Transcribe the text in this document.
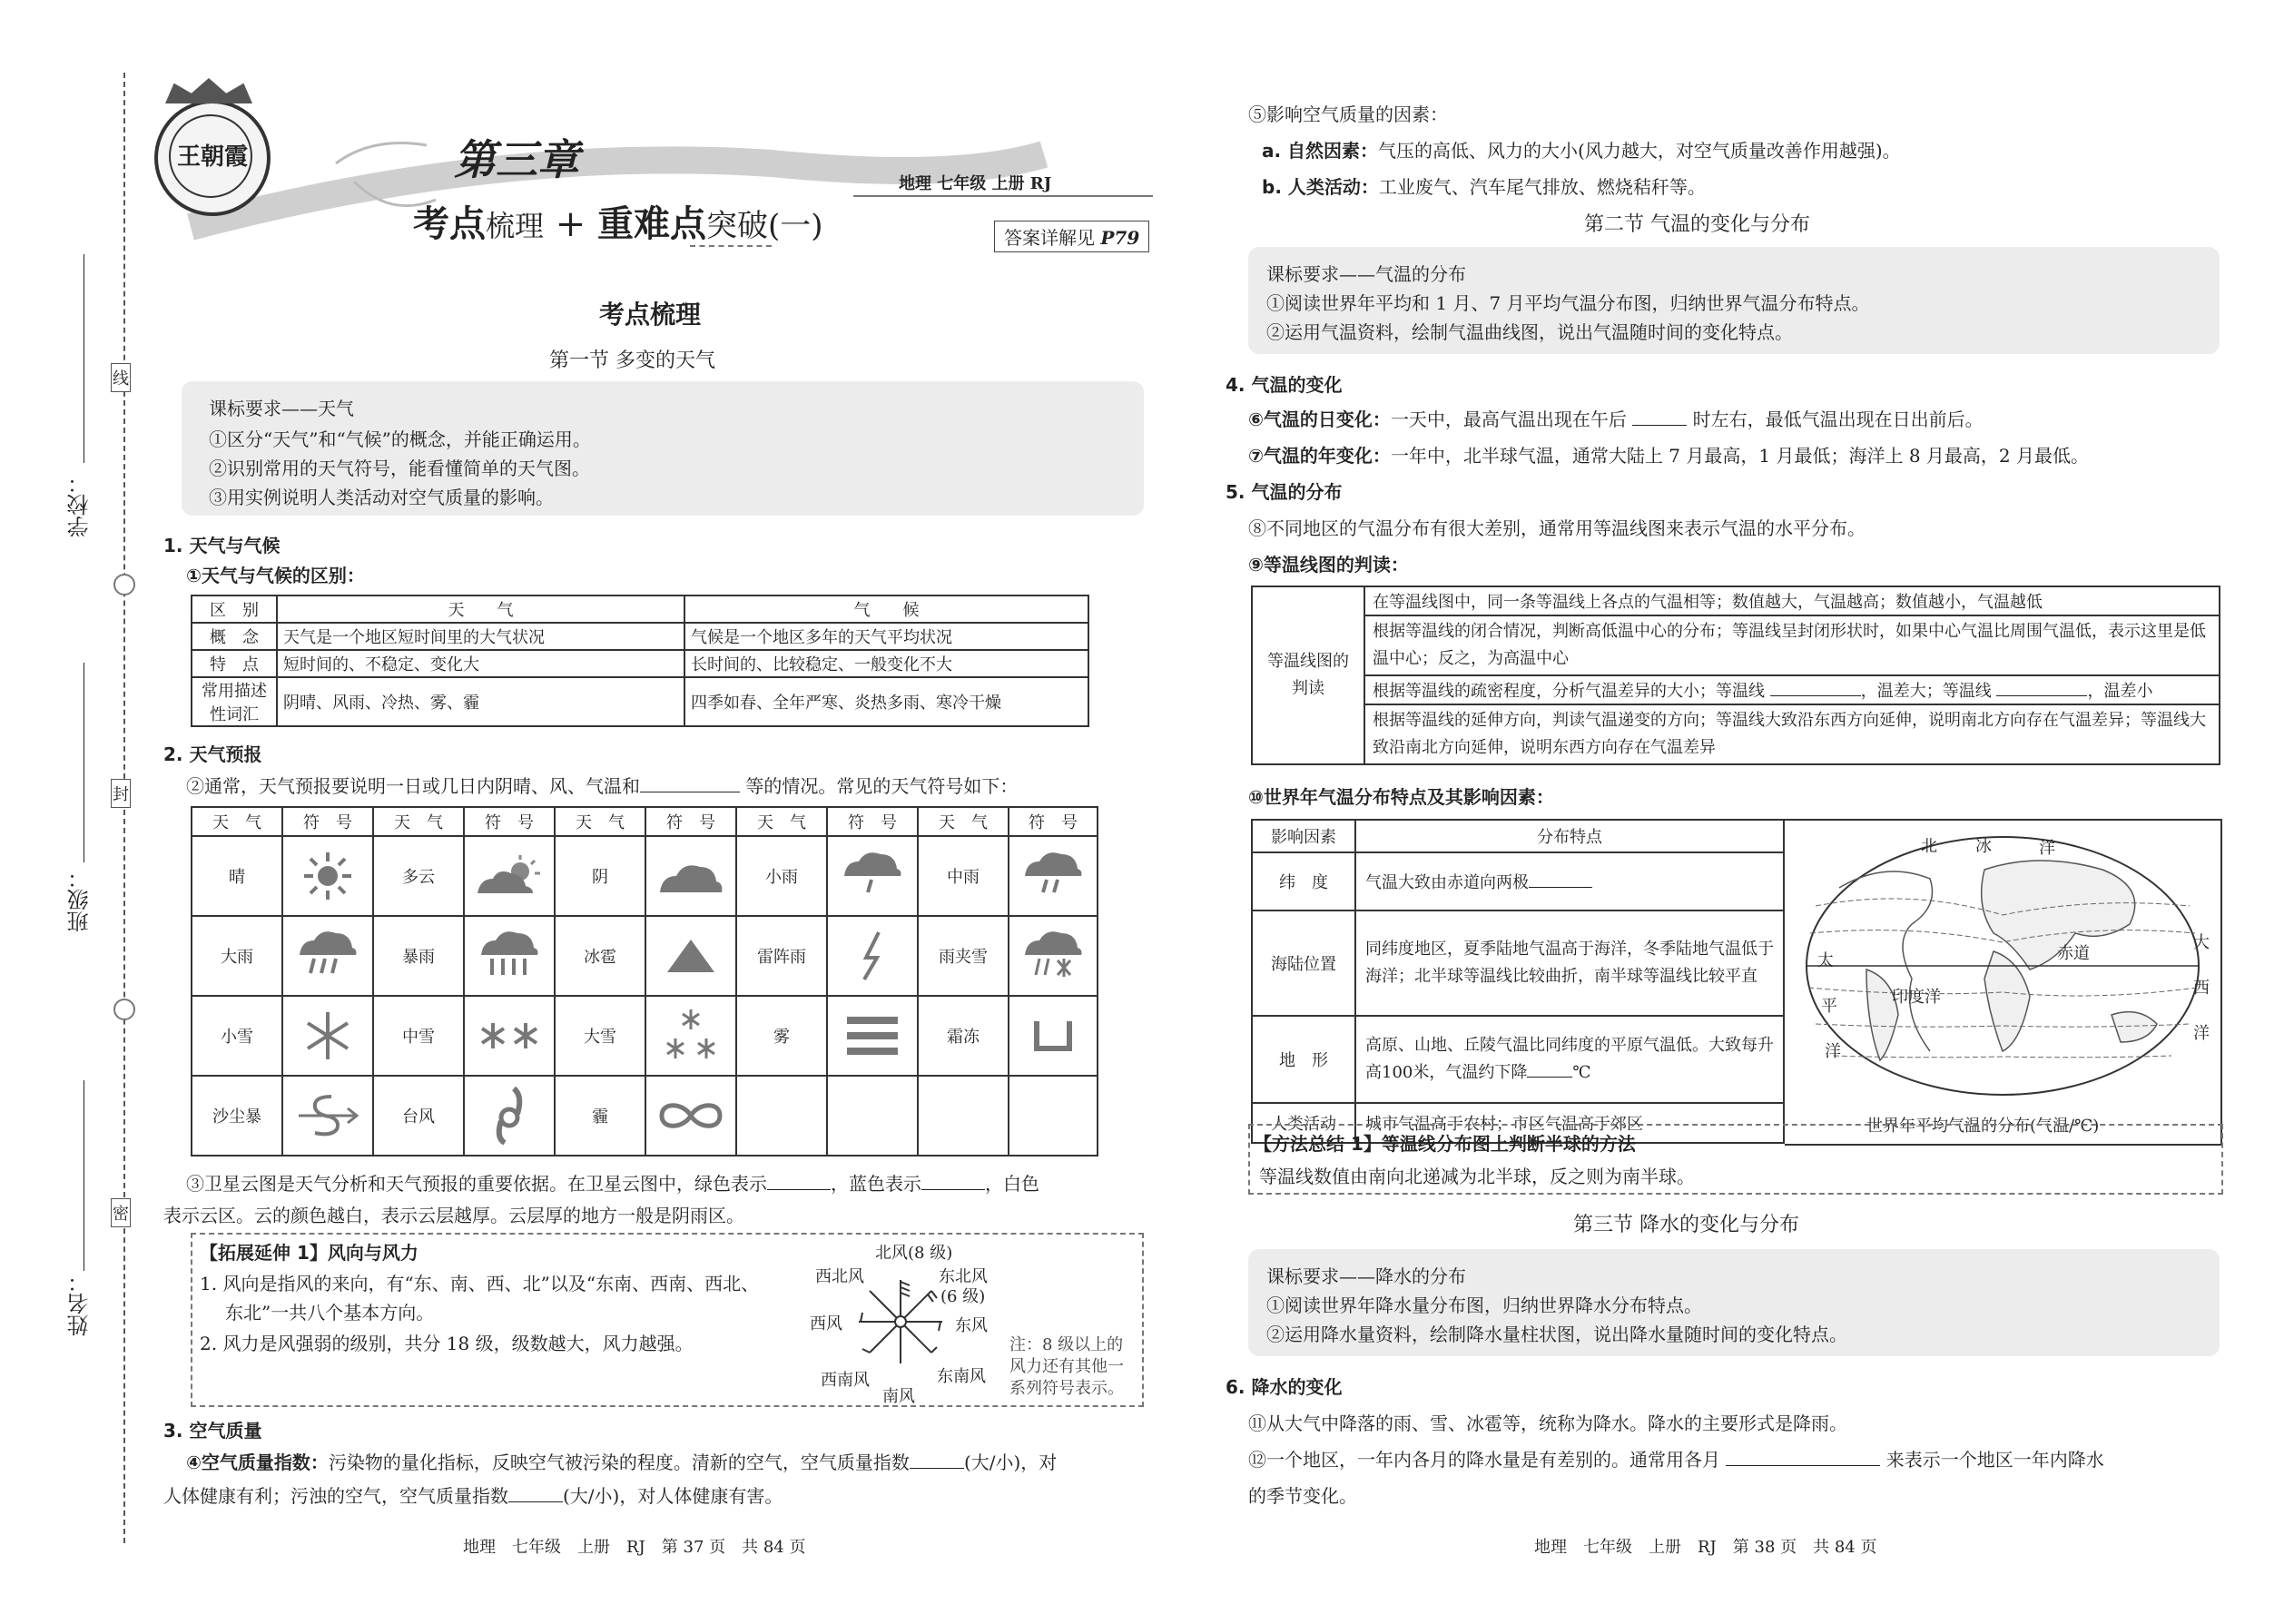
学校：
班级：
姓名：
线
封
密
王朝霞	第三章
考点梳理 + 重难点突破(一)
地理 七年级 上册 RJ
答案详解见 P79
考点梳理
第一节 多变的天气
课标要求——天气
①区分“天气”和“气候”的概念，并能正确运用。
②识别常用的天气符号，能看懂简单的天气图。
③用实例说明人类活动对空气质量的影响。
1. 天气与气候
①天气与气候的区别：
区　别	天　　气	气　　候
概　念	天气是一个地区短时间里的大气状况	气候是一个地区多年的天气平均状况
特　点	短时间的、不稳定、变化大	长时间的、比较稳定、一般变化不大
常用描述性词汇	阴晴、风雨、冷热、雾、霾	四季如春、全年严寒、炎热多雨、寒冷干燥
2. 天气预报
②通常，天气预报要说明一日或几日内阴晴、风、气温和	等的情况。常见的天气符号如下：
天　气	符　号	天　气	符　号	天　气	符　号	天　气	符　号	天　气	符　号
晴		多云		阴		小雨		中雨	

大雨		暴雨		冰雹		雷阵雨		雨夹雪	

小雪		中雪		大雪		雾		霜冻	

沙尘暴		台风		霾	

③卫星云图是天气分析和天气预报的重要依据。在卫星云图中，绿色表示	，蓝色表示	，白色
表示云区。云的颜色越白，表示云层越厚。云层厚的地方一般是阴雨区。
【拓展延伸 1】风向与风力
1. 风向是指风的来向，有“东、南、西、北”以及“东南、西南、西北、
东北”一共八个基本方向。
2. 风力是风强弱的级别，共分 18 级，级数越大，风力越强。
北风(8 级)
西北风	东北风
(6 级)
西风	东风
西南风	东南风
南风
注：8 级以上的风力还有其他一系列符号表示。
3. 空气质量
④空气质量指数：污染物的量化指标，反映空气被污染的程度。清新的空气，空气质量指数	(大/小)，对
人体健康有利；污浊的空气，空气质量指数	(大/小)，对人体健康有害。
地理　七年级　上册　RJ　第 37 页　共 84 页
⑤影响空气质量的因素：
a. 自然因素：气压的高低、风力的大小(风力越大，对空气质量改善作用越强)。
b. 人类活动：工业废气、汽车尾气排放、燃烧秸秆等。
第二节 气温的变化与分布
课标要求——气温的分布
①阅读世界年平均和 1 月、7 月平均气温分布图，归纳世界气温分布特点。
②运用气温资料，绘制气温曲线图，说出气温随时间的变化特点。
4. 气温的变化
⑥气温的日变化：一天中，最高气温出现在午后	时左右，最低气温出现在日出前后。
⑦气温的年变化：一年中，北半球气温，通常大陆上 7 月最高，1 月最低；海洋上 8 月最高，2 月最低。
5. 气温的分布
⑧不同地区的气温分布有很大差别，通常用等温线图来表示气温的水平分布。
⑨等温线图的判读：
等温线图的判读	在等温线图中，同一条等温线上各点的气温相等；数值越大，气温越高；数值越小，气温越低
根据等温线的闭合情况，判断高低温中心的分布；等温线呈封闭形状时，如果中心气温比周围气温低，表示这里是低温中心；反之，为高温中心
根据等温线的疏密程度，分析气温差异的大小；等温线	，温差大；等温线	，温差小
根据等温线的延伸方向，判读气温递变的方向；等温线大致沿东西方向延伸，说明南北方向存在气温差异；等温线大致沿南北方向延伸，说明东西方向存在气温差异
⑩世界年气温分布特点及其影响因素：
影响因素	分布特点
纬　度	气温大致由赤道向两极
海陆位置	同纬度地区，夏季陆地气温高于海洋，冬季陆地气温低于海洋；北半球等温线比较曲折，南半球等温线比较平直
地　形	高原、山地、丘陵气温比同纬度的平原气温低。大致每升高100米，气温约下降 ℃
人类活动	城市气温高于农村；市区气温高于郊区
北 冰	洋
太
平
洋
大
西
洋
印度洋
赤道
世界年平均气温的分布(气温/℃)
【方法总结 1】等温线分布图上判断半球的方法
等温线数值由南向北递减为北半球，反之则为南半球。
第三节 降水的变化与分布
课标要求——降水的分布
①阅读世界年降水量分布图，归纳世界降水分布特点。
②运用降水量资料，绘制降水量柱状图，说出降水量随时间的变化特点。
6. 降水的变化
⑪从大气中降落的雨、雪、冰雹等，统称为降水。降水的主要形式是降雨。
⑫一个地区，一年内各月的降水量是有差别的。通常用各月	来表示一个地区一年内降水
的季节变化。
地理　七年级　上册　RJ　第 38 页　共 84 页
